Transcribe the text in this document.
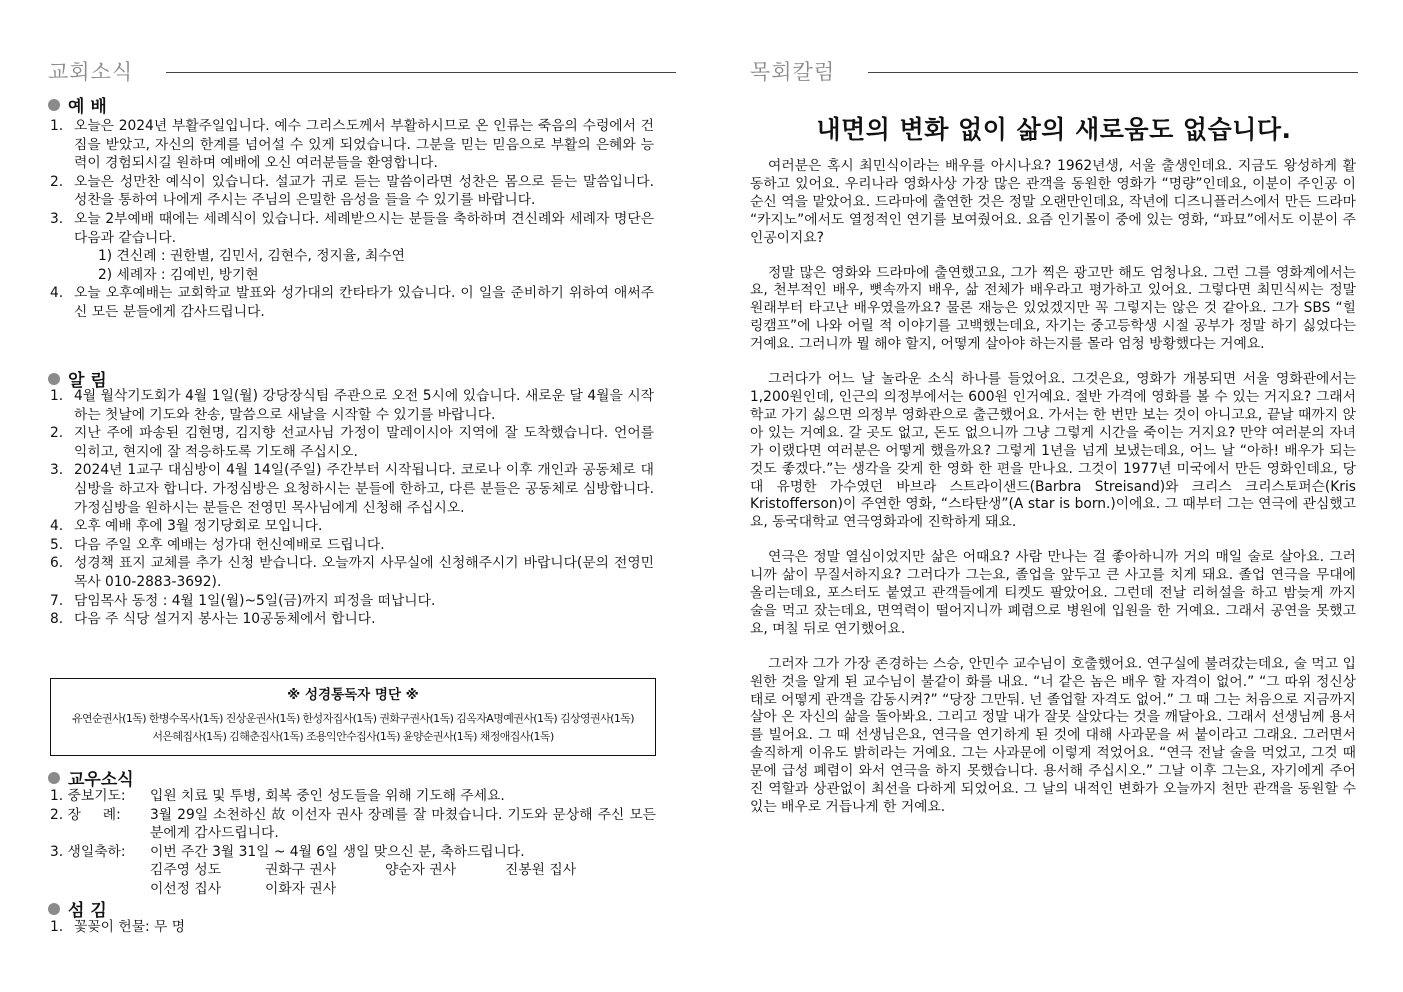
교회소식
예 배
1. 오늘은 2024년 부활주일입니다. 예수 그리스도께서 부활하시므로 온 인류는 죽음의 수렁에서 건짐을 받았고, 자신의 한계를 넘어설 수 있게 되었습니다. 그분을 믿는 믿음으로 부활의 은혜와 능력이 경험되시길 원하며 예배에 오신 여러분들을 환영합니다.
2. 오늘은 성만찬 예식이 있습니다. 설교가 귀로 듣는 말씀이라면 성찬은 몸으로 듣는 말씀입니다. 성찬을 통하여 나에게 주시는 주님의 은밀한 음성을 들을 수 있기를 바랍니다.
3. 오늘 2부예배 때에는 세례식이 있습니다. 세례받으시는 분들을 축하하며 견신례와 세례자 명단은 다음과 같습니다.
1) 견신례 : 권한별, 김민서, 김현수, 정지율, 최수연
2) 세례자 : 김예빈, 방기현
4. 오늘 오후예배는 교회학교 발표와 성가대의 칸타타가 있습니다. 이 일을 준비하기 위하여 애써주신 모든 분들에게 감사드립니다.
알 림
1. 4월 월삭기도회가 4월 1일(월) 강당장식팀 주관으로 오전 5시에 있습니다. 새로운 달 4월을 시작하는 첫날에 기도와 찬송, 말씀으로 새날을 시작할 수 있기를 바랍니다.
2. 지난 주에 파송된 김현명, 김지향 선교사님 가정이 말레이시아 지역에 잘 도착했습니다. 언어를 익히고, 현지에 잘 적응하도록 기도해 주십시오.
3. 2024년 1교구 대심방이 4월 14일(주일) 주간부터 시작됩니다. 코로나 이후 개인과 공동체로 대심방을 하고자 합니다. 가정심방은 요청하시는 분들에 한하고, 다른 분들은 공동체로 심방합니다. 가정심방을 원하시는 분들은 전영민 목사님에게 신청해 주십시오.
4. 오후 예배 후에 3월 정기당회로 모입니다.
5. 다음 주일 오후 예배는 성가대 헌신예배로 드립니다.
6. 성경책 표지 교체를 추가 신청 받습니다. 오늘까지 사무실에 신청해주시기 바랍니다(문의 전영민 목사 010-2883-3692).
7. 담임목사 동정 : 4월 1일(월)~5일(금)까지 피정을 떠납니다.
8. 다음 주 식당 설거지 봉사는 10공동체에서 합니다.
※ 성경통독자 명단 ※
유연순권사(1독) 한병수목사(1독) 진상운권사(1독) 한성자집사(1독) 권화구권사(1독) 김옥자A명예권사(1독) 김상영권사(1독)
서은혜집사(1독) 김해춘집사(1독) 조용익안수집사(1독) 윤양순권사(1독) 채정애집사(1독)
교우소식
1. 중보기도:	입원 치료 및 투병, 회복 중인 성도들을 위해 기도해 주세요.
2. 장     례:	3월 29일 소천하신 故 이선자 권사 장례를 잘 마쳤습니다. 기도와 문상해 주신 모든 분에게 감사드립니다.
3. 생일축하:	이번 주간 3월 31일 ~ 4월 6일 생일 맞으신 분, 축하드립니다.
김주영 성도	권화구 권사	양순자 권사	진봉원 집사
이선정 집사	이화자 권사
섬 김
1. 꽃꽂이 헌물: 무 명
목회칼럼
내면의 변화 없이 삶의 새로움도 없습니다.

여러분은 혹시 최민식이라는 배우를 아시나요? 1962년생, 서울 출생인데요. 지금도 왕성하게 활동하고 있어요. 우리나라 영화사상 가장 많은 관객을 동원한 영화가 “명량”인데요, 이분이 주인공 이순신 역을 맡았어요. 드라마에 출연한 것은 정말 오랜만인데요, 작년에 디즈니플러스에서 만든 드라마 “카지노”에서도 열정적인 연기를 보여줬어요. 요즘 인기몰이 중에 있는 영화, “파묘”에서도 이분이 주인공이지요?

정말 많은 영화와 드라마에 출연했고요, 그가 찍은 광고만 해도 엄청나요. 그런 그를 영화계에서는요, 천부적인 배우, 뼛속까지 배우, 삶 전체가 배우라고 평가하고 있어요. 그렇다면 최민식씨는 정말 원래부터 타고난 배우였을까요? 물론 재능은 있었겠지만 꼭 그렇지는 않은 것 같아요. 그가 SBS “힐링캠프”에 나와 어릴 적 이야기를 고백했는데요, 자기는 중고등학생 시절 공부가 정말 하기 싫었다는 거예요. 그러니까 뭘 해야 할지, 어떻게 살아야 하는지를 몰라 엄청 방황했다는 거예요.

그러다가 어느 날 놀라운 소식 하나를 들었어요. 그것은요, 영화가 개봉되면 서울 영화관에서는 1,200원인데, 인근의 의정부에서는 600원 인거예요. 절반 가격에 영화를 볼 수 있는 거지요? 그래서 학교 가기 싫으면 의정부 영화관으로 출근했어요. 가서는 한 번만 보는 것이 아니고요, 끝날 때까지 앉아 있는 거예요. 갈 곳도 없고, 돈도 없으니까 그냥 그렇게 시간을 죽이는 거지요? 만약 여러분의 자녀가 이랬다면 여러분은 어떻게 했을까요? 그렇게 1년을 넘게 보냈는데요, 어느 날 “아하! 배우가 되는 것도 좋겠다.”는 생각을 갖게 한 영화 한 편을 만나요. 그것이 1977년 미국에서 만든 영화인데요, 당대 유명한 가수였던 바브라 스트라이샌드(Barbra Streisand)와 크리스 크리스토퍼슨(Kris Kristofferson)이 주연한 영화, “스타탄생”(A star is born.)이에요. 그 때부터 그는 연극에 관심했고요, 동국대학교 연극영화과에 진학하게 돼요.

연극은 정말 열심이었지만 삶은 어때요? 사람 만나는 걸 좋아하니까 거의 매일 술로 살아요. 그러니까 삶이 무질서하지요? 그러다가 그는요, 졸업을 앞두고 큰 사고를 치게 돼요. 졸업 연극을 무대에 올리는데요, 포스터도 붙였고 관객들에게 티켓도 팔았어요. 그런데 전날 리허설을 하고 밤늦게 까지 술을 먹고 잤는데요, 면역력이 떨어지니까 폐렴으로 병원에 입원을 한 거예요. 그래서 공연을 못했고요, 며칠 뒤로 연기했어요.

그러자 그가 가장 존경하는 스승, 안민수 교수님이 호출했어요. 연구실에 불려갔는데요, 술 먹고 입원한 것을 알게 된 교수님이 불같이 화를 내요. “너 같은 놈은 배우 할 자격이 없어.” “그 따위 정신상태로 어떻게 관객을 감동시켜?” “당장 그만둬. 넌 졸업할 자격도 없어.” 그 때 그는 처음으로 지금까지 살아 온 자신의 삶을 돌아봐요. 그리고 정말 내가 잘못 살았다는 것을 깨달아요. 그래서 선생님께 용서를 빌어요. 그 때 선생님은요, 연극을 연기하게 된 것에 대해 사과문을 써 붙이라고 그래요. 그러면서 솔직하게 이유도 밝히라는 거예요. 그는 사과문에 이렇게 적었어요. “연극 전날 술을 먹었고, 그것 때문에 급성 폐렴이 와서 연극을 하지 못했습니다. 용서해 주십시오.” 그날 이후 그는요, 자기에게 주어진 역할과 상관없이 최선을 다하게 되었어요. 그 날의 내적인 변화가 오늘까지 천만 관객을 동원할 수 있는 배우로 거듭나게 한 거예요.
